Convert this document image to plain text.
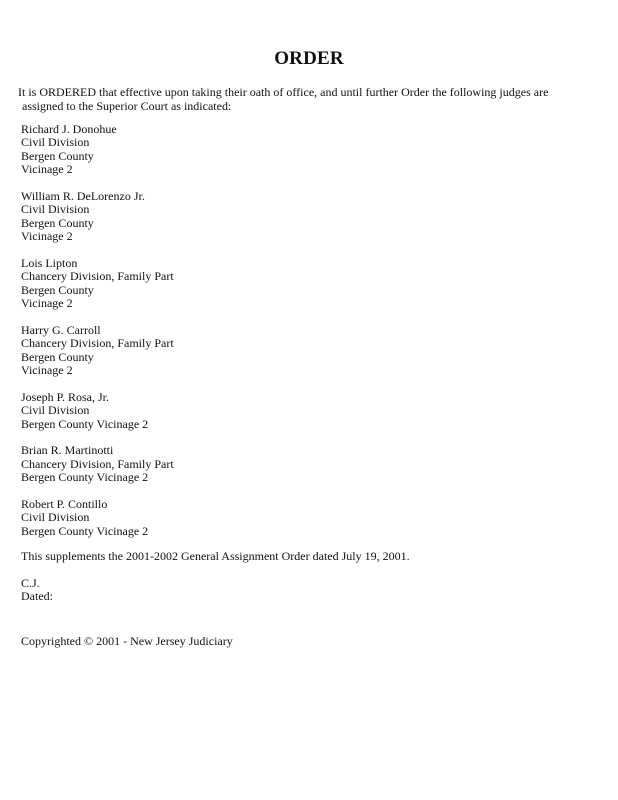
ORDER

It is ORDERED that effective upon taking their oath of office, and until further Order the following judges are
assigned to the Superior Court as indicated:

Richard J. Donohue
Civil Division
Bergen County
Vicinage 2
William R. DeLorenzo Jr.
Civil Division
Bergen County
Vicinage 2
Lois Lipton
Chancery Division, Family Part
Bergen County
Vicinage 2
Harry G. Carroll
Chancery Division, Family Part
Bergen County
Vicinage 2
Joseph P. Rosa, Jr.
Civil Division
Bergen County Vicinage 2
Brian R. Martinotti
Chancery Division, Family Part
Bergen County Vicinage 2
Robert P. Contillo
Civil Division
Bergen County Vicinage 2
This supplements the 2001-2002 General Assignment Order dated July 19, 2001.
C.J.
Dated:
Copyrighted © 2001 - New Jersey Judiciary
